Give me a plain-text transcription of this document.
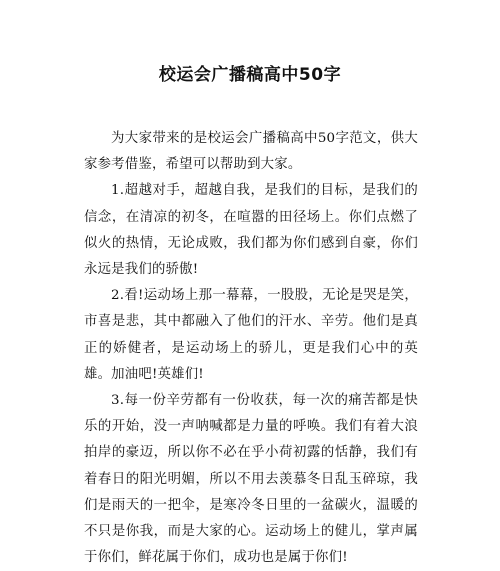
校运会广播稿高中50字

为大家带来的是校运会广播稿高中50字范文，供大家参考借鉴，希望可以帮助到大家。

1.超越对手，超越自我，是我们的目标，是我们的信念，在清凉的初冬，在喧嚣的田径场上。你们点燃了似火的热情，无论成败，我们都为你们感到自豪，你们永远是我们的骄傲!

2.看!运动场上那一幕幕，一股股，无论是哭是笑，市喜是悲，其中都融入了他们的汗水、辛劳。他们是真正的娇健者，是运动场上的骄儿，更是我们心中的英雄。加油吧!英雄们!

3.每一份辛劳都有一份收获，每一次的痛苦都是快乐的开始，没一声呐喊都是力量的呼唤。我们有着大浪拍岸的豪迈，所以你不必在乎小荷初露的恬静，我们有着春日的阳光明媚，所以不用去羡慕冬日乱玉碎琼，我们是雨天的一把伞，是寒冷冬日里的一盆碳火，温暖的不只是你我，而是大家的心。运动场上的健儿，掌声属于你们，鲜花属于你们，成功也是属于你们!
